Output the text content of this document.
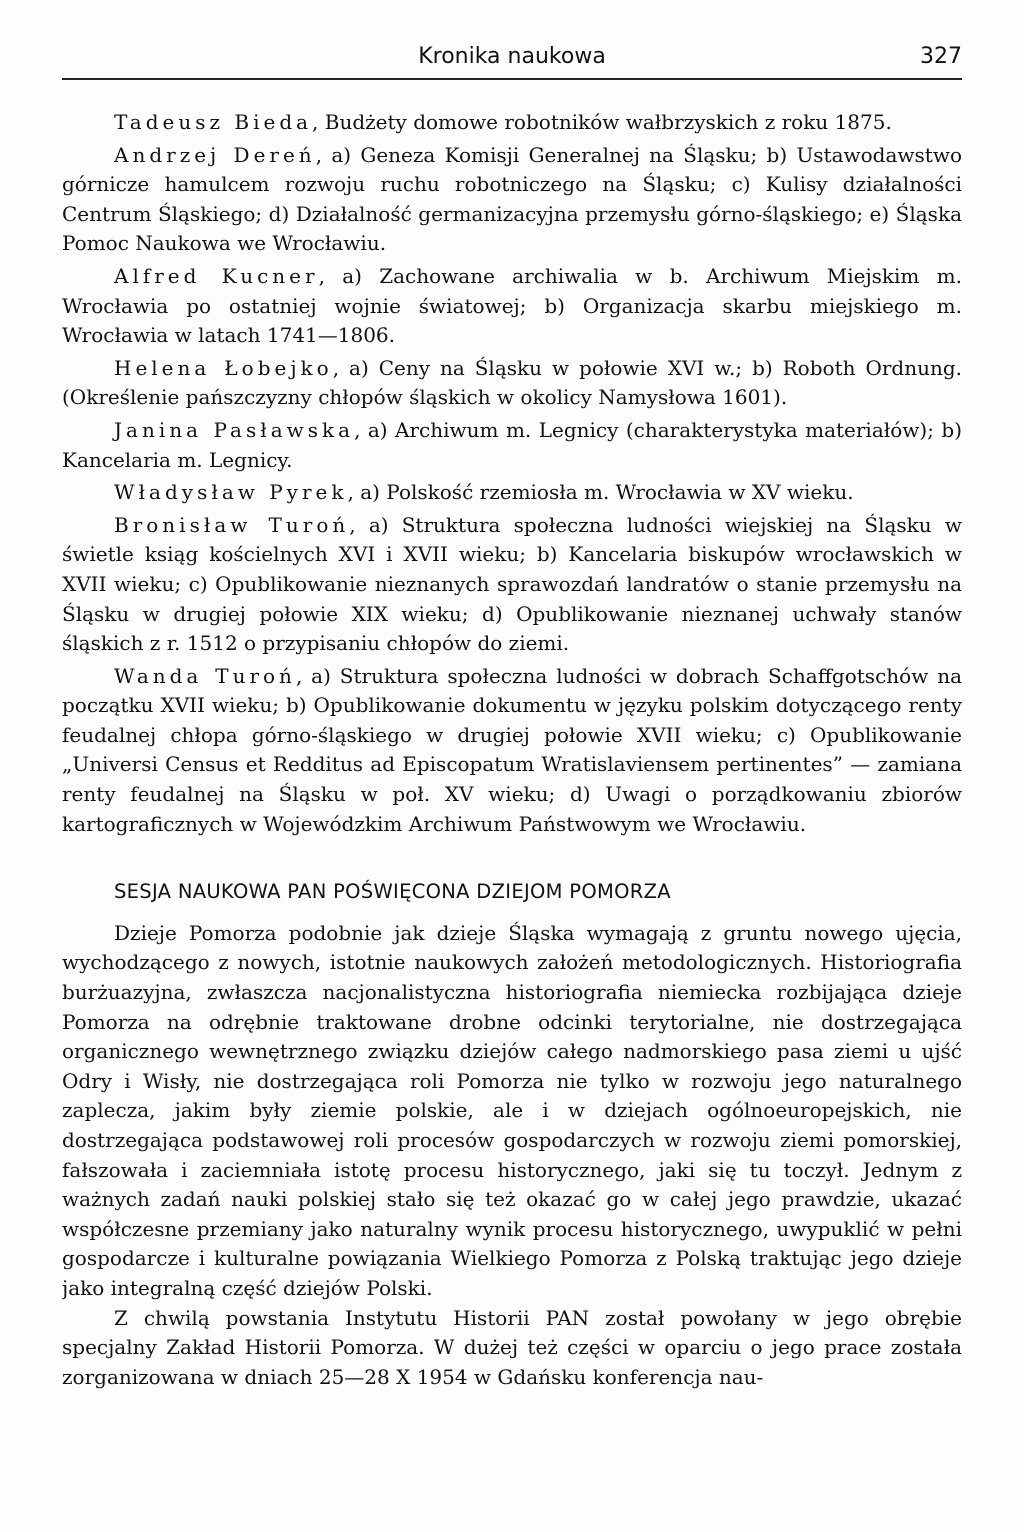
Kronika naukowa	327

Tadeusz Bieda, Budżety domowe robotników wałbrzyskich z roku 1875.

Andrzej Dereń, a) Geneza Komisji Generalnej na Śląsku; b) Ustawodawstwo górnicze hamulcem rozwoju ruchu robotniczego na Śląsku; c) Kulisy działalności Centrum Śląskiego; d) Działalność germanizacyjna przemysłu górno-śląskiego; e) Śląska Pomoc Naukowa we Wrocławiu.

Alfred Kucner, a) Zachowane archiwalia w b. Archiwum Miejskim m. Wrocławia po ostatniej wojnie światowej; b) Organizacja skarbu miejskiego m. Wrocławia w latach 1741—1806.

Helena Łobejko, a) Ceny na Śląsku w połowie XVI w.; b) Roboth Ordnung. (Określenie pańszczyzny chłopów śląskich w okolicy Namysłowa 1601).

Janina Pasławska, a) Archiwum m. Legnicy (charakterystyka materiałów); b) Kancelaria m. Legnicy.

Władysław Pyrek, a) Polskość rzemiosła m. Wrocławia w XV wieku.

Bronisław Turoń, a) Struktura społeczna ludności wiejskiej na Śląsku w świetle ksiąg kościelnych XVI i XVII wieku; b) Kancelaria biskupów wrocławskich w XVII wieku; c) Opublikowanie nieznanych sprawozdań landratów o stanie przemysłu na Śląsku w drugiej połowie XIX wieku; d) Opublikowanie nieznanej uchwały stanów śląskich z r. 1512 o przypisaniu chłopów do ziemi.

Wanda Turoń, a) Struktura społeczna ludności w dobrach Schaffgotschów na początku XVII wieku; b) Opublikowanie dokumentu w języku polskim dotyczącego renty feudalnej chłopa górno-śląskiego w drugiej połowie XVII wieku; c) Opublikowanie „Universi Census et Redditus ad Episcopatum Wratislaviensem pertinentes” — zamiana renty feudalnej na Śląsku w poł. XV wieku; d) Uwagi o porządkowaniu zbiorów kartograficznych w Wojewódzkim Archiwum Państwowym we Wrocławiu.

SESJA NAUKOWA PAN POŚWIĘCONA DZIEJOM POMORZA

Dzieje Pomorza podobnie jak dzieje Śląska wymagają z gruntu nowego ujęcia, wychodzącego z nowych, istotnie naukowych założeń metodologicznych. Historiografia burżuazyjna, zwłaszcza nacjonalistyczna historiografia niemiecka rozbijająca dzieje Pomorza na odrębnie traktowane drobne odcinki terytorialne, nie dostrzegająca organicznego wewnętrznego związku dziejów całego nadmorskiego pasa ziemi u ujść Odry i Wisły, nie dostrzegająca roli Pomorza nie tylko w rozwoju jego naturalnego zaplecza, jakim były ziemie polskie, ale i w dziejach ogólnoeuropejskich, nie dostrzegająca podstawowej roli procesów gospodarczych w rozwoju ziemi pomorskiej, fałszowała i zaciemniała istotę procesu historycznego, jaki się tu toczył. Jednym z ważnych zadań nauki polskiej stało się też okazać go w całej jego prawdzie, ukazać współczesne przemiany jako naturalny wynik procesu historycznego, uwypuklić w pełni gospodarcze i kulturalne powiązania Wielkiego Pomorza z Polską traktując jego dzieje jako integralną część dziejów Polski.

Z chwilą powstania Instytutu Historii PAN został powołany w jego obrębie specjalny Zakład Historii Pomorza. W dużej też części w oparciu o jego prace została zorganizowana w dniach 25—28 X 1954 w Gdańsku konferencja nau-
